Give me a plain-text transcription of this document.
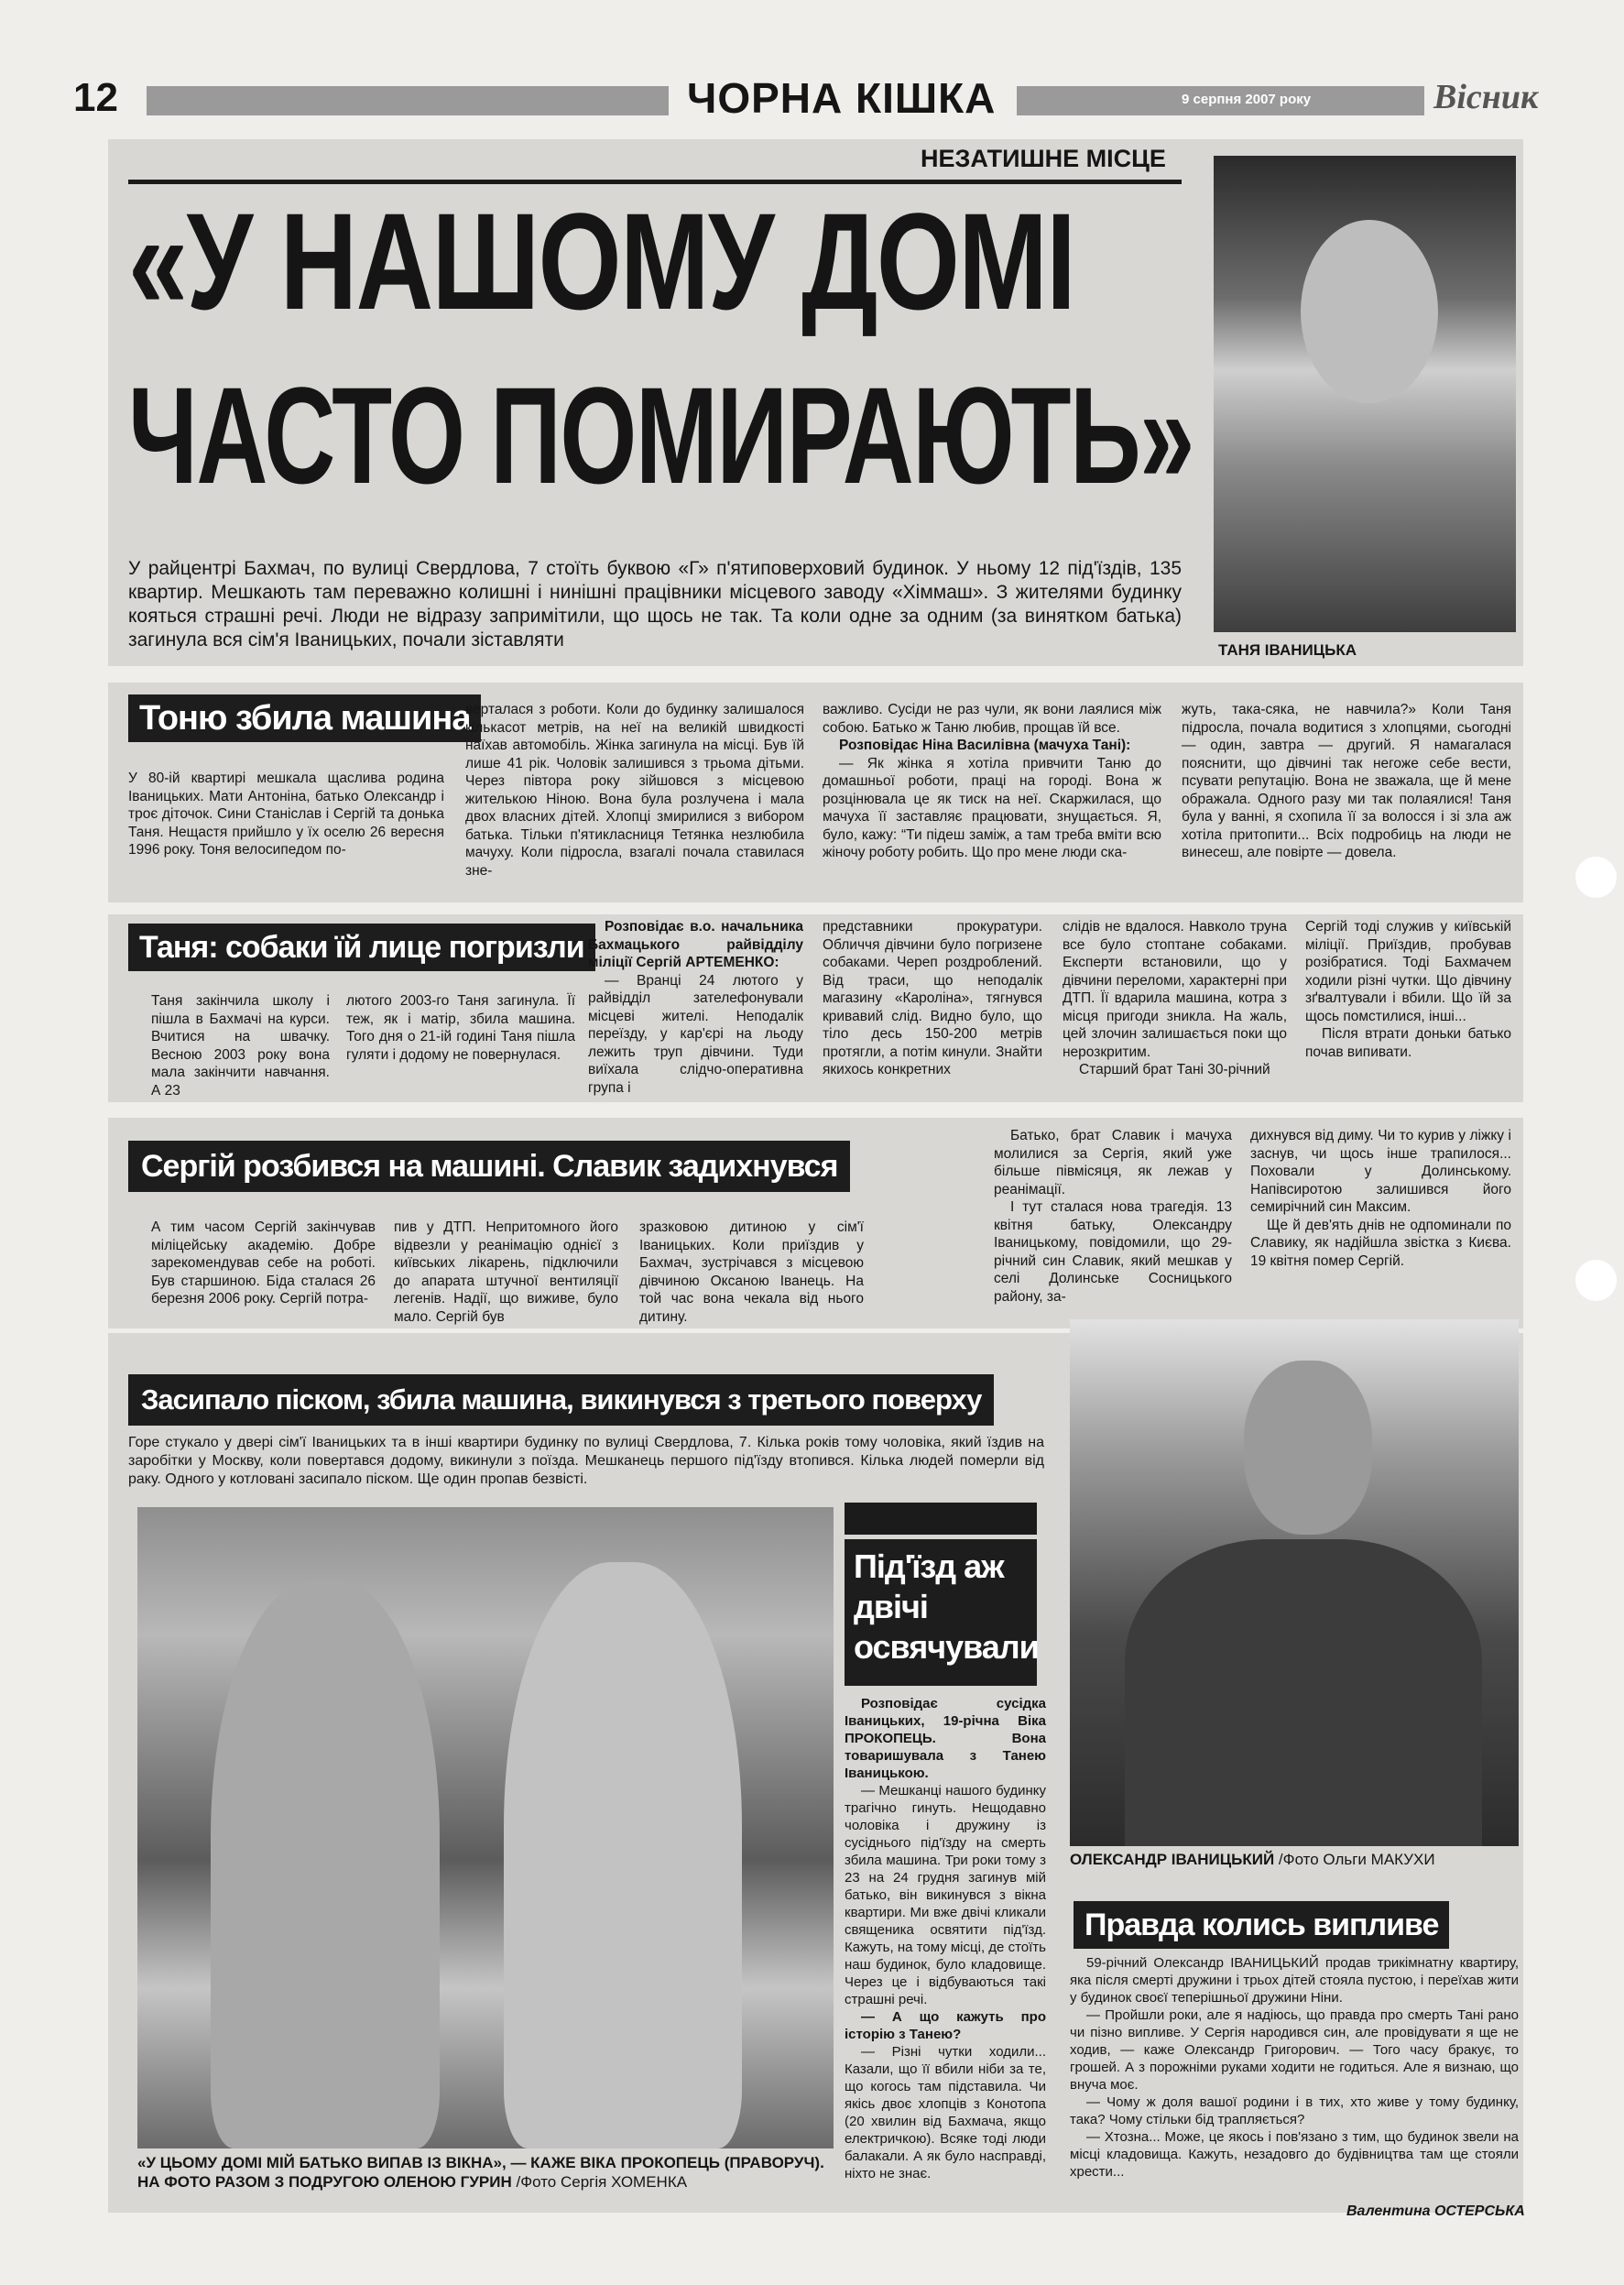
12	ЧОРНА КІШКА	9 серпня 2007 року	Вісник
НЕЗАТИШНЕ МІСЦЕ
«У НАШОМУ ДОМІ
ЧАСТО ПОМИРАЮТЬ»
У райцентрі Бахмач, по вулиці Свердлова, 7 стоїть буквою «Г» п'ятиповерховий будинок. У ньому 12 під'їздів, 135 квартир. Мешкають там переважно колишні і нинішні працівники місцевого заводу «Хіммаш». З жителями будинку кояться страшні речі. Люди не відразу запримітили, що щось не так. Та коли одне за одним (за винятком батька) загинула вся сім'я Іваницьких, почали зіставляти	ТАНЯ ІВАНИЦЬКА
Тоню збила машина
У 80-ій квартирі мешкала щаслива родина Іваницьких. Мати Антоніна, батько Олександр і троє діточок. Сини Станіслав і Сергій та донька Таня. Нещастя прийшло у їх оселю 26 вересня 1996 року. Тоня велосипедом по-
верталася з роботи. Коли до будинку залишалося кількасот метрів, на неї на великій швидкості наїхав автомобіль. Жінка загинула на місці. Був їй лише 41 рік. Чоловік залишився з трьома дітьми. Через півтора року зійшовся з місцевою жителькою Ніною. Вона була розлучена і мала двох власних дітей. Хлопці змирилися з вибором батька. Тільки п'ятикласниця Тетянка незлюбила мачуху. Коли підросла, взагалі почала ставилася зне-

важливо. Сусіди не раз чули, як вони лаялися між собою. Батько ж Таню любив, прощав їй все.

Розповідає Ніна Василівна (мачуха Тані):

— Як жінка я хотіла привчити Таню до домашньої роботи, праці на городі. Вона ж розцінювала це як тиск на неї. Скаржилася, що мачуха її заставляє працювати, знущається. Я, було, кажу: “Ти підеш заміж, а там треба вміти всю жіночу роботу робить. Що про мене люди ска-

жуть, така-сяка, не навчила?» Коли Таня підросла, почала водитися з хлопцями, сьогодні — один, завтра — другий. Я намагалася пояснити, що дівчині так негоже себе вести, псувати репутацію. Вона не зважала, ще й мене ображала. Одного разу ми так полаялися! Таня була у ванні, я схопила її за волосся і зі зла аж хотіла притопити... Всіх подробиць на люди не винесеш, але повірте — довела.
Таня: собаки їй лице погризли
Таня закінчила школу і пішла в Бахмачі на курси. Вчитися на швачку. Весною 2003 року вона мала закінчити навчання. А 23
лютого 2003-го Таня загинула. Її теж, як і матір, збила машина. Того дня о 21-ій годині Таня пішла гуляти і додому не повернулася.

Розповідає в.о. начальника Бахмацького райвідділу міліції Сергій АРТЕМЕНКО:

— Вранці 24 лютого у райвідділ зателефонували місцеві жителі. Неподалік переїзду, у кар'єрі на льоду лежить труп дівчини. Туди виїхала слідчо-оперативна група і

представники прокуратури. Обличчя дівчини було погризене собаками. Череп роздроблений. Від траси, що неподалік магазину «Кароліна», тягнувся кривавий слід. Видно було, що тіло десь 150-200 метрів протягли, а потім кинули. Знайти якихось конкретних

слідів не вдалося. Навколо труна все було стоптане собаками. Експерти встановили, що у дівчини переломи, характерні при ДТП. Її вдарила машина, котра з місця пригоди зникла. На жаль, цей злочин залишається поки що нерозкритим.

Старший брат Тані 30-річний

Сергій тоді служив у київській міліції. Приїздив, пробував розібратися. Тоді Бахмачем ходили різні чутки. Що дівчину зґвалтували і вбили. Що їй за щось помстилися, інші...

Після втрати доньки батько почав випивати.

Сергій розбився на машині. Славик задихнувся
А тим часом Сергій закінчував міліцейську академію. Добре зарекомендував себе на роботі. Був старшиною. Біда сталася 26 березня 2006 року. Сергій потра-
пив у ДТП. Непритомного його відвезли у реанімацію однієї з київських лікарень, підключили до апарата штучної вентиляції легенів. Надії, що виживе, було мало. Сергій був
зразковою дитиною у сім'ї Іваницьких. Коли приїздив у Бахмач, зустрічався з місцевою дівчиною Оксаною Іванець. На той час вона чекала від нього дитину.

Батько, брат Славик і мачуха молилися за Сергія, який уже більше півмісяця, як лежав у реанімації.

І тут сталася нова трагедія. 13 квітня батьку, Олександру Іваницькому, повідомили, що 29-річний син Славик, який мешкав у селі Долинське Сосницького району, за-

дихнувся від диму. Чи то курив у ліжку і заснув, чи щось інше трапилося... Поховали у Долинському. Напівсиротою залишився його семирічний син Максим.

Ще й дев'ять днів не одпоминали по Славику, як надійшла звістка з Києва. 19 квітня помер Сергій.

Засипало піском, збила машина, викинувся з третього поверху
Горе стукало у двері сім'ї Іваницьких та в інші квартири будинку по вулиці Свердлова, 7. Кілька років тому чоловіка, який їздив на заробітки у Москву, коли повертався додому, викинули з поїзда. Мешканець першого під'їзду втопився. Кілька людей померли від раку. Одного у котловані засипало піском. Ще один пропав безвісті.
«У ЦЬОМУ ДОМІ МІЙ БАТЬКО ВИПАВ ІЗ ВІКНА», — КАЖЕ ВІКА ПРОКОПЕЦЬ (ПРАВОРУЧ). НА ФОТО РАЗОМ З ПОДРУГОЮ ОЛЕНОЮ ГУРИН /Фото Сергія ХОМЕНКА
Під'їзд аж двічі освячували

Розповідає сусідка Іваницьких, 19-річна Віка ПРОКОПЕЦЬ. Вона товаришувала з Танею Іваницькою.

— Мешканці нашого будинку трагічно гинуть. Нещодавно чоловіка і дружину із сусіднього під'їзду на смерть збила машина. Три роки тому з 23 на 24 грудня загинув мій батько, він викинувся з вікна квартири. Ми вже двічі кликали священика освятити під'їзд. Кажуть, на тому місці, де стоїть наш будинок, було кладовище. Через це і відбуваються такі страшні речі.

— А що кажуть про історію з Танею?

— Різні чутки ходили... Казали, що її вбили ніби за те, що когось там підставила. Чи якісь двоє хлопців з Конотопа (20 хвилин від Бахмача, якщо електричкою). Всяке тоді люди балакали. А як було насправді, ніхто не знає.

ОЛЕКСАНДР ІВАНИЦЬКИЙ /Фото Ольги МАКУХИ
Правда колись випливе

59-річний Олександр ІВАНИЦЬКИЙ продав трикімнатну квартиру, яка після смерті дружини і трьох дітей стояла пустою, і переїхав жити у будинок своєї теперішньої дружини Ніни.

— Пройшли роки, але я надіюсь, що правда про смерть Тані рано чи пізно випливе. У Сергія народився син, але провідувати я ще не ходив, — каже Олександр Григорович. — Того часу бракує, то грошей. А з порожніми руками ходити не годиться. Але я визнаю, що внуча моє.

— Чому ж доля вашої родини і в тих, хто живе у тому будинку, така? Чому стільки бід трапляється?

— Хтозна... Може, це якось і пов'язано з тим, що будинок звели на місці кладовища. Кажуть, незадовго до будівництва там ще стояли хрести...

Валентина ОСТЕРСЬКА
